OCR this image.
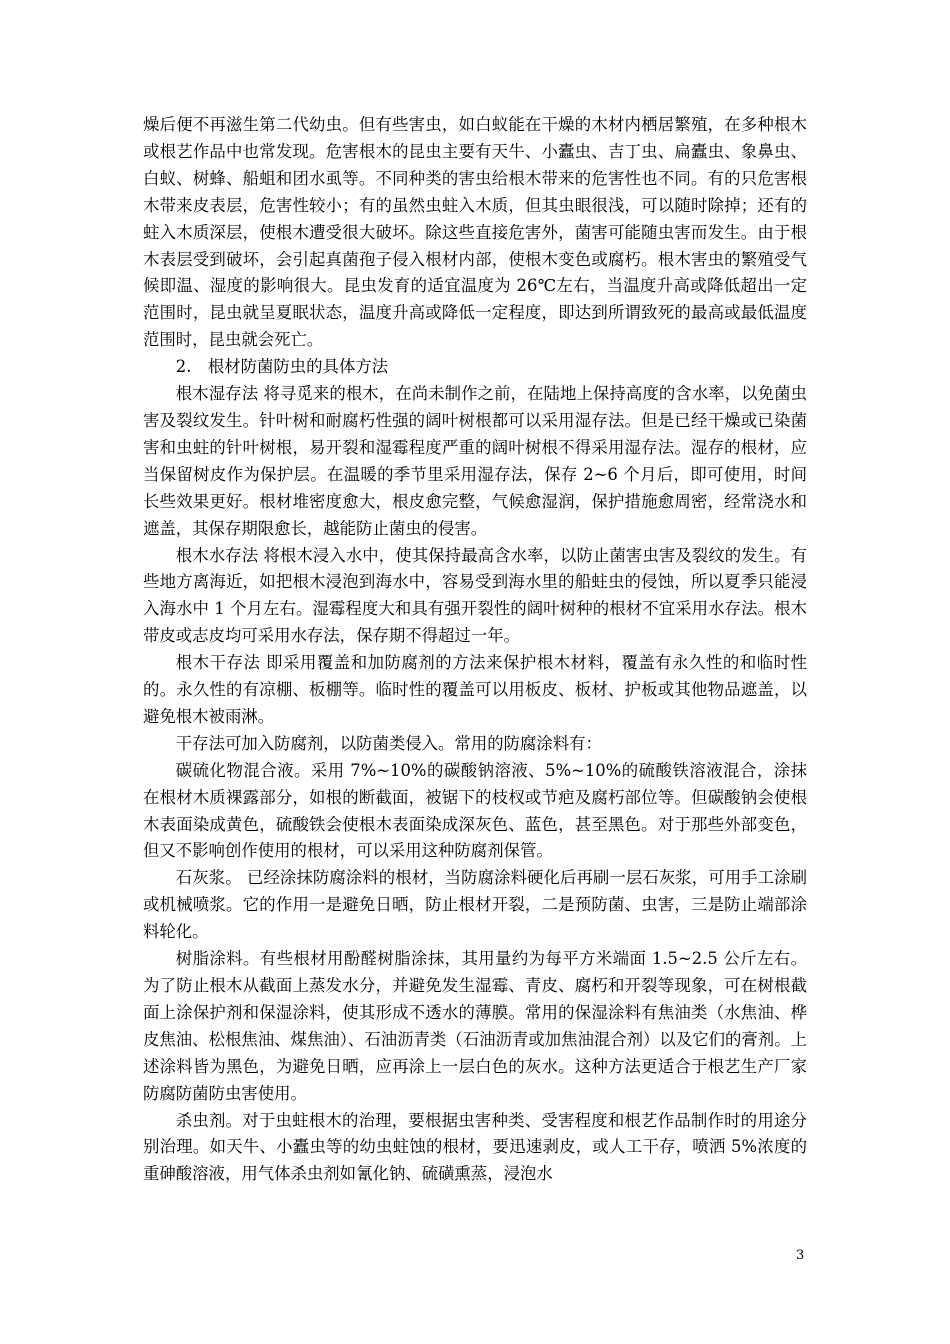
燥后便不再滋生第二代幼虫。但有些害虫，如白蚁能在干燥的木材内栖居繁殖，在多种根木或根艺作品中也常发现。危害根木的昆虫主要有天牛、小蠹虫、吉丁虫、扁蠹虫、象鼻虫、白蚁、树蜂、船蛆和团水虱等。不同种类的害虫给根木带来的危害性也不同。有的只危害根木带来皮表层，危害性较小；有的虽然虫蛀入木质，但其虫眼很浅，可以随时除掉；还有的蛀入木质深层，使根木遭受很大破坏。除这些直接危害外，菌害可能随虫害而发生。由于根木表层受到破坏，会引起真菌孢子侵入根材内部，使根木变色或腐朽。根木害虫的繁殖受气候即温、湿度的影响很大。昆虫发育的适宜温度为 26℃左右，当温度升高或降低超出一定范围时，昆虫就呈夏眠状态，温度升高或降低一定程度，即达到所谓致死的最高或最低温度范围时，昆虫就会死亡。

2.　根材防菌防虫的具体方法

根木湿存法 将寻觅来的根木，在尚未制作之前，在陆地上保持高度的含水率，以免菌虫害及裂纹发生。针叶树和耐腐朽性强的阔叶树根都可以采用湿存法。但是已经干燥或已染菌害和虫蛀的针叶树根，易开裂和湿霉程度严重的阔叶树根不得采用湿存法。湿存的根材，应当保留树皮作为保护层。在温暖的季节里采用湿存法，保存 2~6 个月后，即可使用，时间长些效果更好。根材堆密度愈大，根皮愈完整，气候愈湿润，保护措施愈周密，经常浇水和遮盖，其保存期限愈长，越能防止菌虫的侵害。

根木水存法 将根木浸入水中，使其保持最高含水率，以防止菌害虫害及裂纹的发生。有些地方离海近，如把根木浸泡到海水中，容易受到海水里的船蛀虫的侵蚀，所以夏季只能浸入海水中 1 个月左右。湿霉程度大和具有强开裂性的阔叶树种的根材不宜采用水存法。根木带皮或志皮均可采用水存法，保存期不得超过一年。

根木干存法 即采用覆盖和加防腐剂的方法来保护根木材料，覆盖有永久性的和临时性的。永久性的有凉棚、板棚等。临时性的覆盖可以用板皮、板材、护板或其他物品遮盖，以避免根木被雨淋。

干存法可加入防腐剂，以防菌类侵入。常用的防腐涂料有：

碳硫化物混合液。采用 7%~10%的碳酸钠溶液、5%~10%的硫酸铁溶液混合，涂抹在根材木质裸露部分，如根的断截面，被锯下的枝杈或节疤及腐朽部位等。但碳酸钠会使根木表面染成黄色，硫酸铁会使根木表面染成深灰色、蓝色，甚至黑色。对于那些外部变色，但又不影响创作使用的根材，可以采用这种防腐剂保管。

石灰浆。 已经涂抹防腐涂料的根材，当防腐涂料硬化后再刷一层石灰浆，可用手工涂刷或机械喷浆。它的作用一是避免日晒，防止根材开裂，二是预防菌、虫害，三是防止端部涂料轮化。

树脂涂料。有些根材用酚醛树脂涂抹，其用量约为每平方米端面 1.5~2.5 公斤左右。为了防止根木从截面上蒸发水分，并避免发生湿霉、青皮、腐朽和开裂等现象，可在树根截面上涂保护剂和保湿涂料，使其形成不透水的薄膜。常用的保湿涂料有焦油类（水焦油、桦皮焦油、松根焦油、煤焦油）、石油沥青类（石油沥青或加焦油混合剂）以及它们的膏剂。上述涂料皆为黑色，为避免日晒，应再涂上一层白色的灰水。这种方法更适合于根艺生产厂家防腐防菌防虫害使用。

杀虫剂。对于虫蛀根木的治理，要根据虫害种类、受害程度和根艺作品制作时的用途分别治理。如天牛、小蠹虫等的幼虫蛀蚀的根材，要迅速剥皮，或人工干存，喷洒 5%浓度的重砷酸溶液，用气体杀虫剂如氰化钠、硫磺熏蒸，浸泡水

3
